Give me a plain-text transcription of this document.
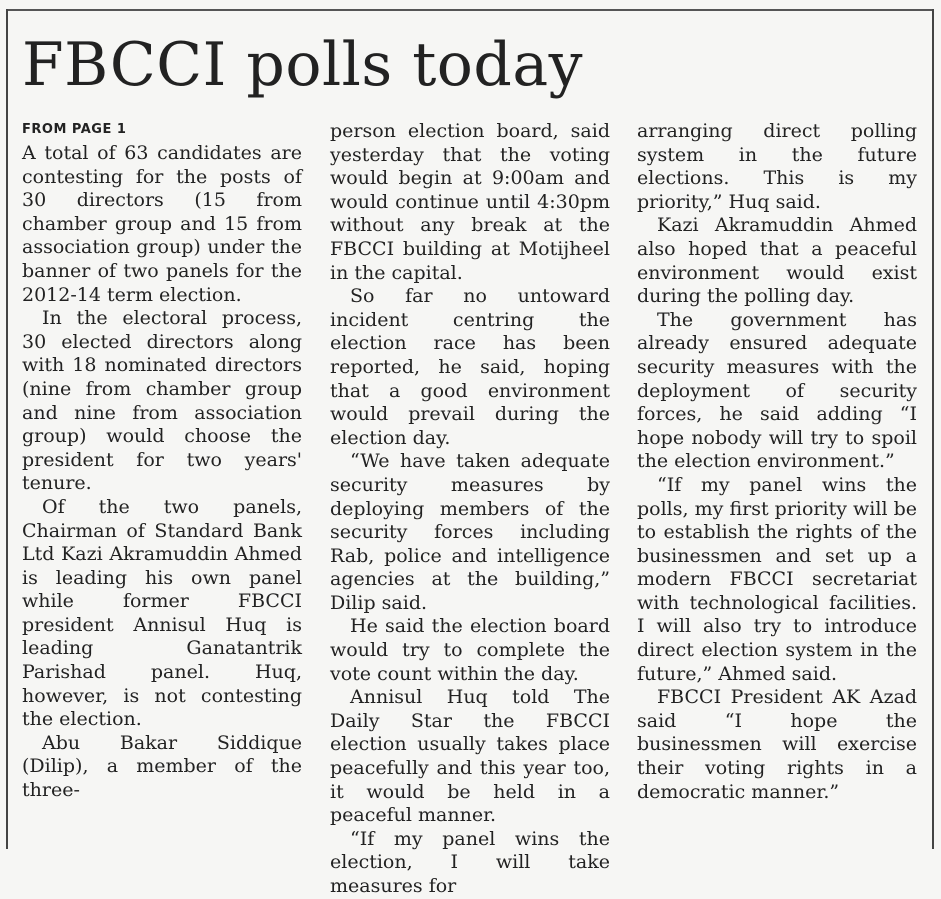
FBCCI polls today
FROM PAGE 1

A total of 63 candidates are contesting for the posts of 30 directors (15 from chamber group and 15 from association group) under the banner of two panels for the 2012-14 term election.

In the electoral process, 30 elected directors along with 18 nominated directors (nine from chamber group and nine from association group) would choose the president for two years' tenure.

Of the two panels, Chairman of Standard Bank Ltd Kazi Akramuddin Ahmed is leading his own panel while former FBCCI president Annisul Huq is leading Ganatantrik Parishad panel. Huq, however, is not contesting the election.

Abu Bakar Siddique (Dilip), a member of the three-

person election board, said yesterday that the voting would begin at 9:00am and would continue until 4:30pm without any break at the FBCCI building at Motijheel in the capital.

So far no untoward incident centring the election race has been reported, he said, hoping that a good environment would prevail during the election day.

“We have taken adequate security measures by deploying members of the security forces including Rab, police and intelligence agencies at the building,” Dilip said.

He said the election board would try to complete the vote count within the day.

Annisul Huq told The Daily Star the FBCCI election usually takes place peacefully and this year too, it would be held in a peaceful manner.

“If my panel wins the election, I will take measures for

arranging direct polling system in the future elections. This is my priority,” Huq said.

Kazi Akramuddin Ahmed also hoped that a peaceful environment would exist during the polling day.

The government has already ensured adequate security measures with the deployment of security forces, he said adding “I hope nobody will try to spoil the election environment.”

“If my panel wins the polls, my first priority will be to establish the rights of the businessmen and set up a modern FBCCI secretariat with technological facilities. I will also try to introduce direct election system in the future,” Ahmed said.

FBCCI President AK Azad said “I hope the businessmen will exercise their voting rights in a democratic manner.”
